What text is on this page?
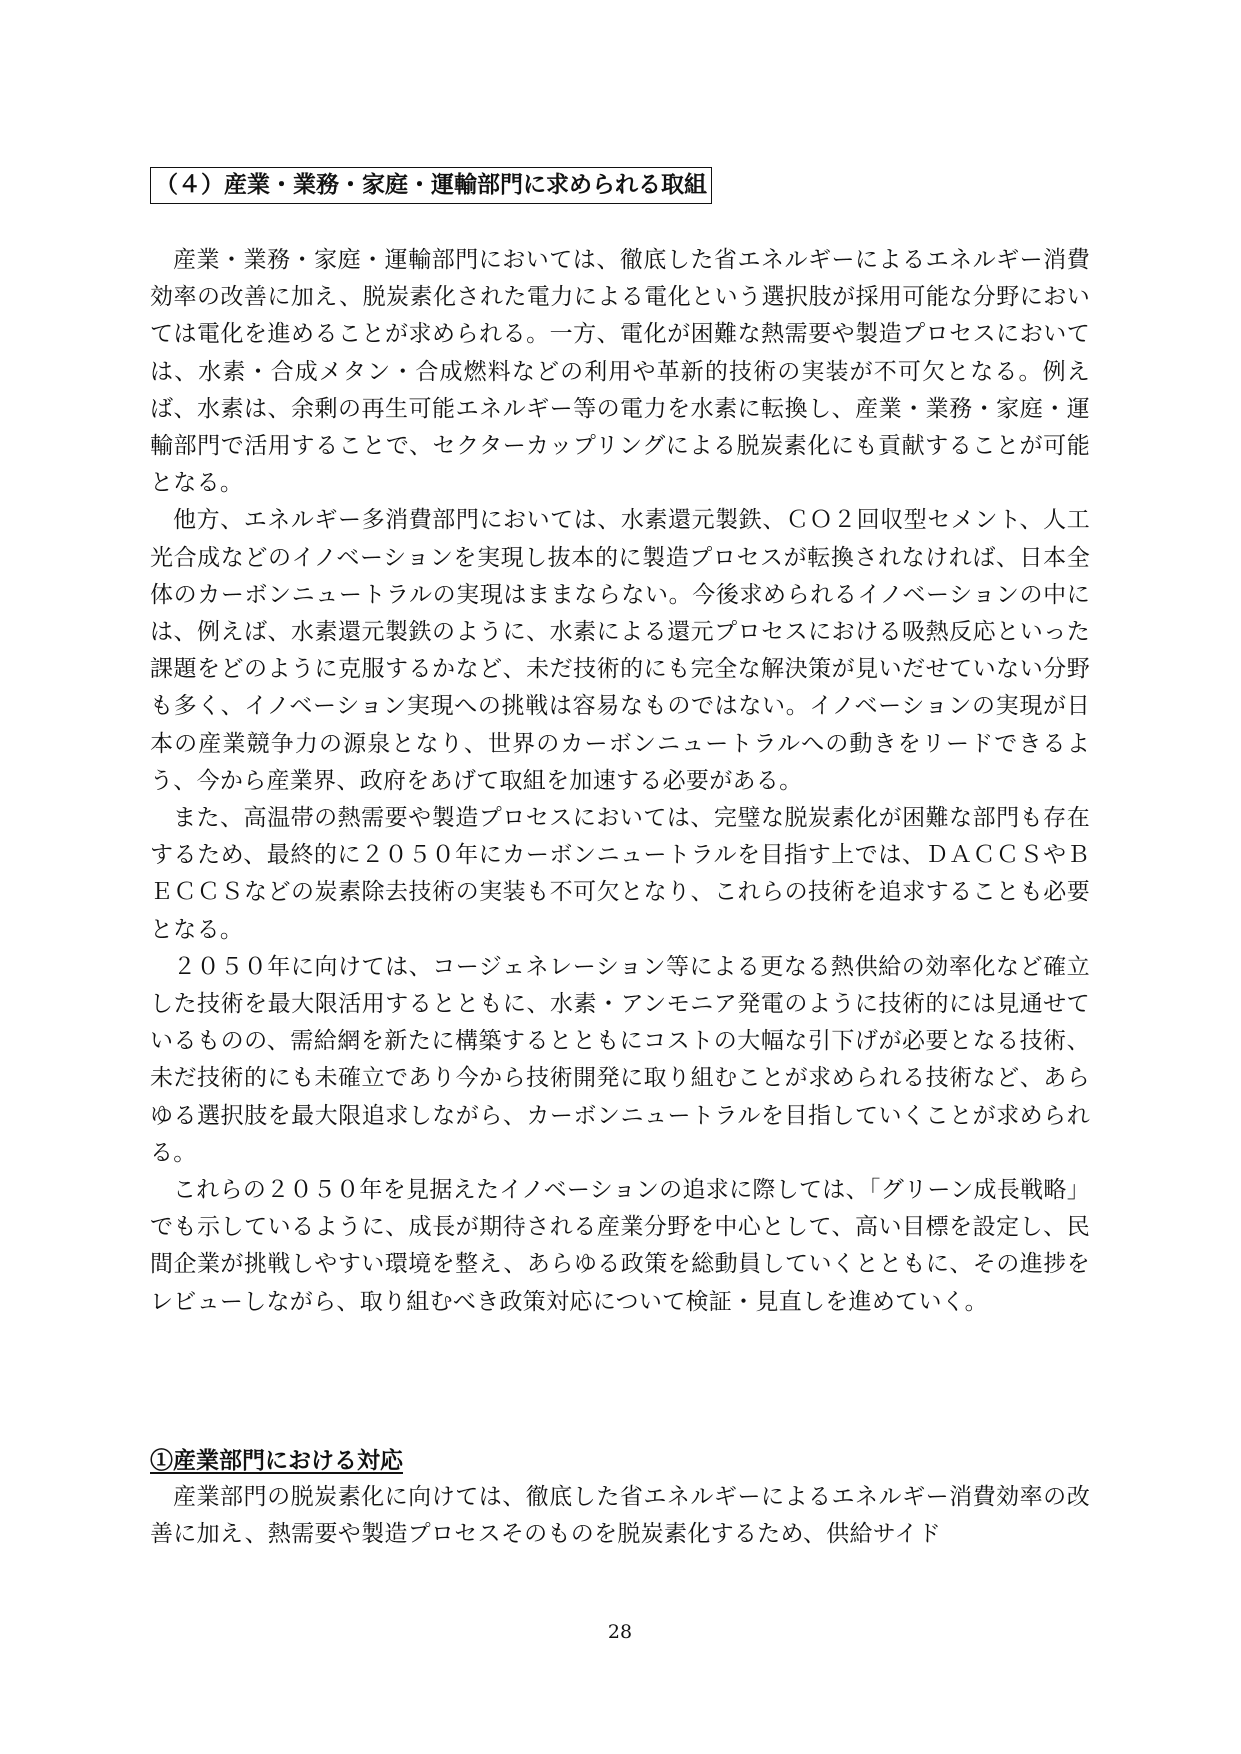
（４）産業・業務・家庭・運輸部門に求められる取組

産業・業務・家庭・運輸部門においては、徹底した省エネルギーによるエネルギー消費効率の改善に加え、脱炭素化された電力による電化という選択肢が採用可能な分野においては電化を進めることが求められる。一方、電化が困難な熱需要や製造プロセスにおいては、水素・合成メタン・合成燃料などの利用や革新的技術の実装が不可欠となる。例えば、水素は、余剰の再生可能エネルギー等の電力を水素に転換し、産業・業務・家庭・運輸部門で活用することで、セクターカップリングによる脱炭素化にも貢献することが可能となる。

他方、エネルギー多消費部門においては、水素還元製鉄、ＣＯ２回収型セメント、人工光合成などのイノベーションを実現し抜本的に製造プロセスが転換されなければ、日本全体のカーボンニュートラルの実現はままならない。今後求められるイノベーションの中には、例えば、水素還元製鉄のように、水素による還元プロセスにおける吸熱反応といった課題をどのように克服するかなど、未だ技術的にも完全な解決策が見いだせていない分野も多く、イノベーション実現への挑戦は容易なものではない。イノベーションの実現が日本の産業競争力の源泉となり、世界のカーボンニュートラルへの動きをリードできるよう、今から産業界、政府をあげて取組を加速する必要がある。

また、高温帯の熱需要や製造プロセスにおいては、完璧な脱炭素化が困難な部門も存在するため、最終的に２０５０年にカーボンニュートラルを目指す上では、ＤＡＣＣＳやＢＥＣＣＳなどの炭素除去技術の実装も不可欠となり、これらの技術を追求することも必要となる。

２０５０年に向けては、コージェネレーション等による更なる熱供給の効率化など確立した技術を最大限活用するとともに、水素・アンモニア発電のように技術的には見通せているものの、需給網を新たに構築するとともにコストの大幅な引下げが必要となる技術、未だ技術的にも未確立であり今から技術開発に取り組むことが求められる技術など、あらゆる選択肢を最大限追求しながら、カーボンニュートラルを目指していくことが求められる。

これらの２０５０年を見据えたイノベーションの追求に際しては、「グリーン成長戦略」でも示しているように、成長が期待される産業分野を中心として、高い目標を設定し、民間企業が挑戦しやすい環境を整え、あらゆる政策を総動員していくとともに、その進捗をレビューしながら、取り組むべき政策対応について検証・見直しを進めていく。

①産業部門における対応

産業部門の脱炭素化に向けては、徹底した省エネルギーによるエネルギー消費効率の改善に加え、熱需要や製造プロセスそのものを脱炭素化するため、供給サイド

28
